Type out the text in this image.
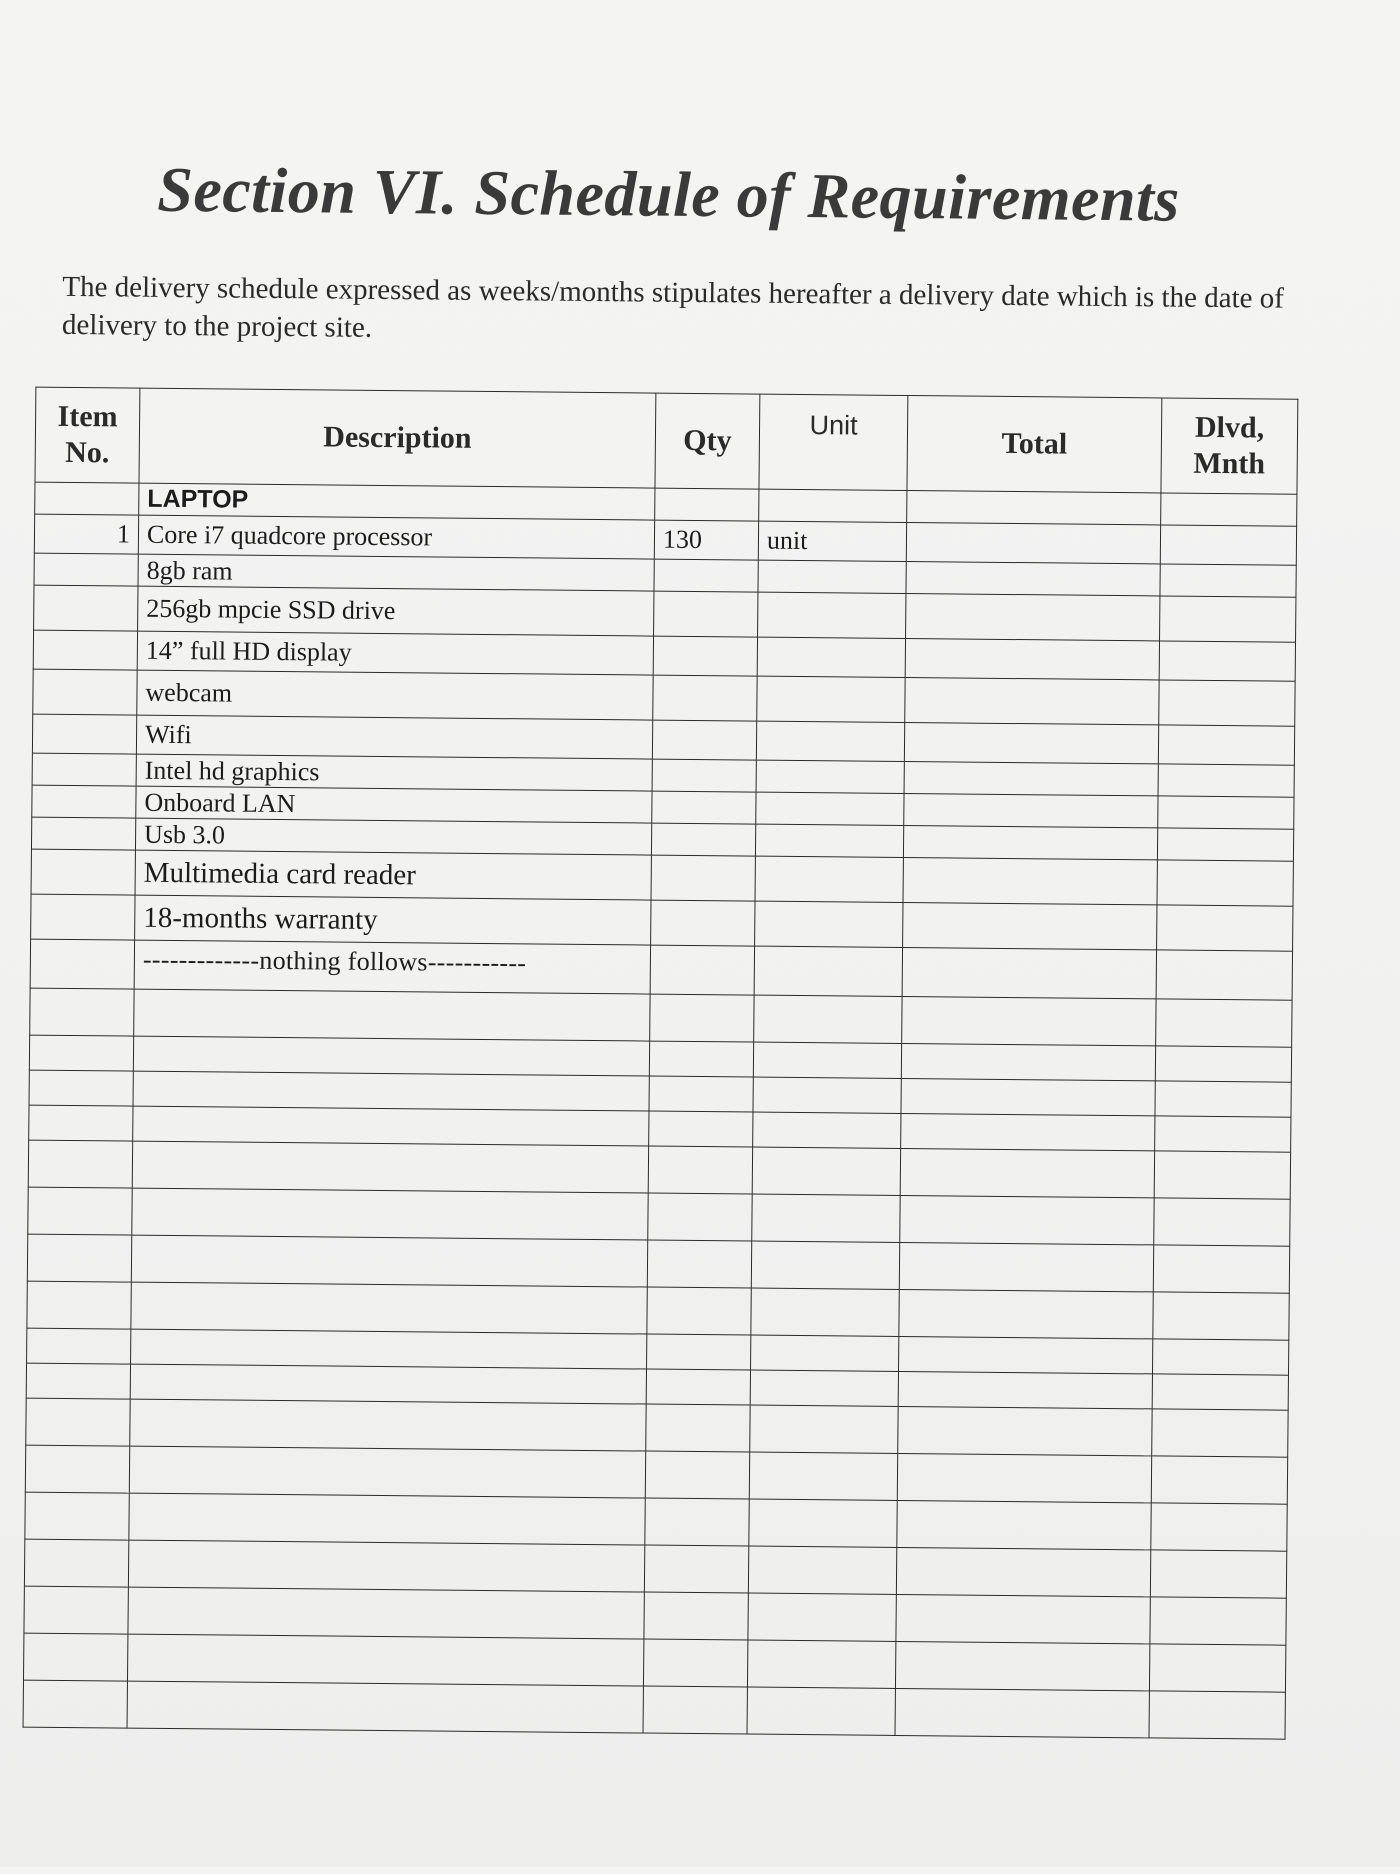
Section VI. Schedule of Requirements
The delivery schedule expressed as weeks/months stipulates hereafter a delivery date which is the date of delivery to the project site.
Item No.	Description	Qty	Unit	Total	Dlvd, Mnth
	LAPTOP				
1	Core i7 quadcore processor	130	unit		
	8gb ram				
	256gb mpcie SSD drive				
	14” full HD display				
	webcam				
	Wifi				
	Intel hd graphics				
	Onboard LAN				
	Usb 3.0				
	Multimedia card reader				
	18-months warranty				
	-------------nothing follows-----------				
